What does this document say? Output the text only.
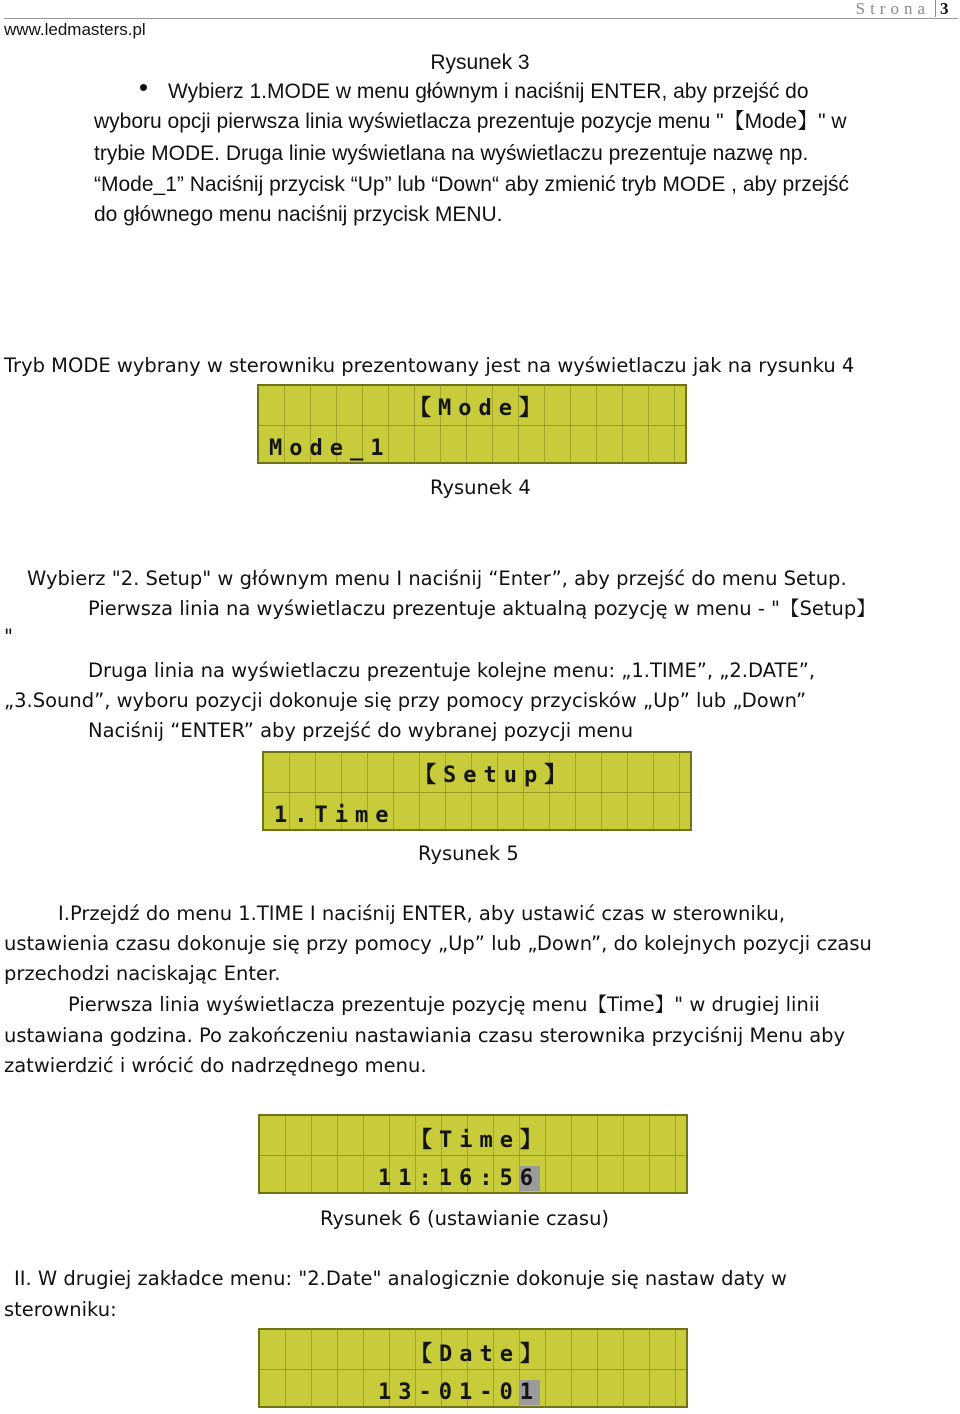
www.ledmasters.pl
Strona 3
Rysunek 3
Wybierz 1.MODE w menu głównym i naciśnij ENTER, aby przejść do
wyboru opcji pierwsza linia wyświetlacza prezentuje pozycje menu "【Mode】" w
trybie MODE. Druga linie wyświetlana na wyświetlaczu prezentuje nazwę np.
“Mode_1” Naciśnij przycisk “Up” lub “Down“ aby zmienić tryb MODE , aby przejść
do głównego menu naciśnij przycisk MENU.
Tryb MODE wybrany w sterowniku prezentowany jest na wyświetlaczu jak na rysunku 4
【Mode】
Mode_1
Rysunek 4
Wybierz "2. Setup" w głównym menu I naciśnij “Enter”, aby przejść do menu Setup.
Pierwsza linia na wyświetlaczu prezentuje aktualną pozycję w menu - "【Setup】
"
Druga linia na wyświetlaczu prezentuje kolejne menu: „1.TIME”, „2.DATE”,
„3.Sound”, wyboru pozycji dokonuje się przy pomocy przycisków „Up” lub „Down”
Naciśnij “ENTER” aby przejść do wybranej pozycji menu
【Setup】
1.Time
Rysunek 5
I.Przejdź do menu 1.TIME I naciśnij ENTER, aby ustawić czas w sterowniku,
ustawienia czasu dokonuje się przy pomocy „Up” lub „Down”, do kolejnych pozycji czasu
przechodzi naciskając Enter.
Pierwsza linia wyświetlacza prezentuje pozycję menu【Time】" w drugiej linii
ustawiana godzina. Po zakończeniu nastawiania czasu sterownika przyciśnij Menu aby
zatwierdzić i wrócić do nadrzędnego menu.
【Time】
11:16:56
Rysunek 6 (ustawianie czasu)
II. W drugiej zakładce menu: "2.Date" analogicznie dokonuje się nastaw daty w
sterowniku:
【Date】
13-01-01
